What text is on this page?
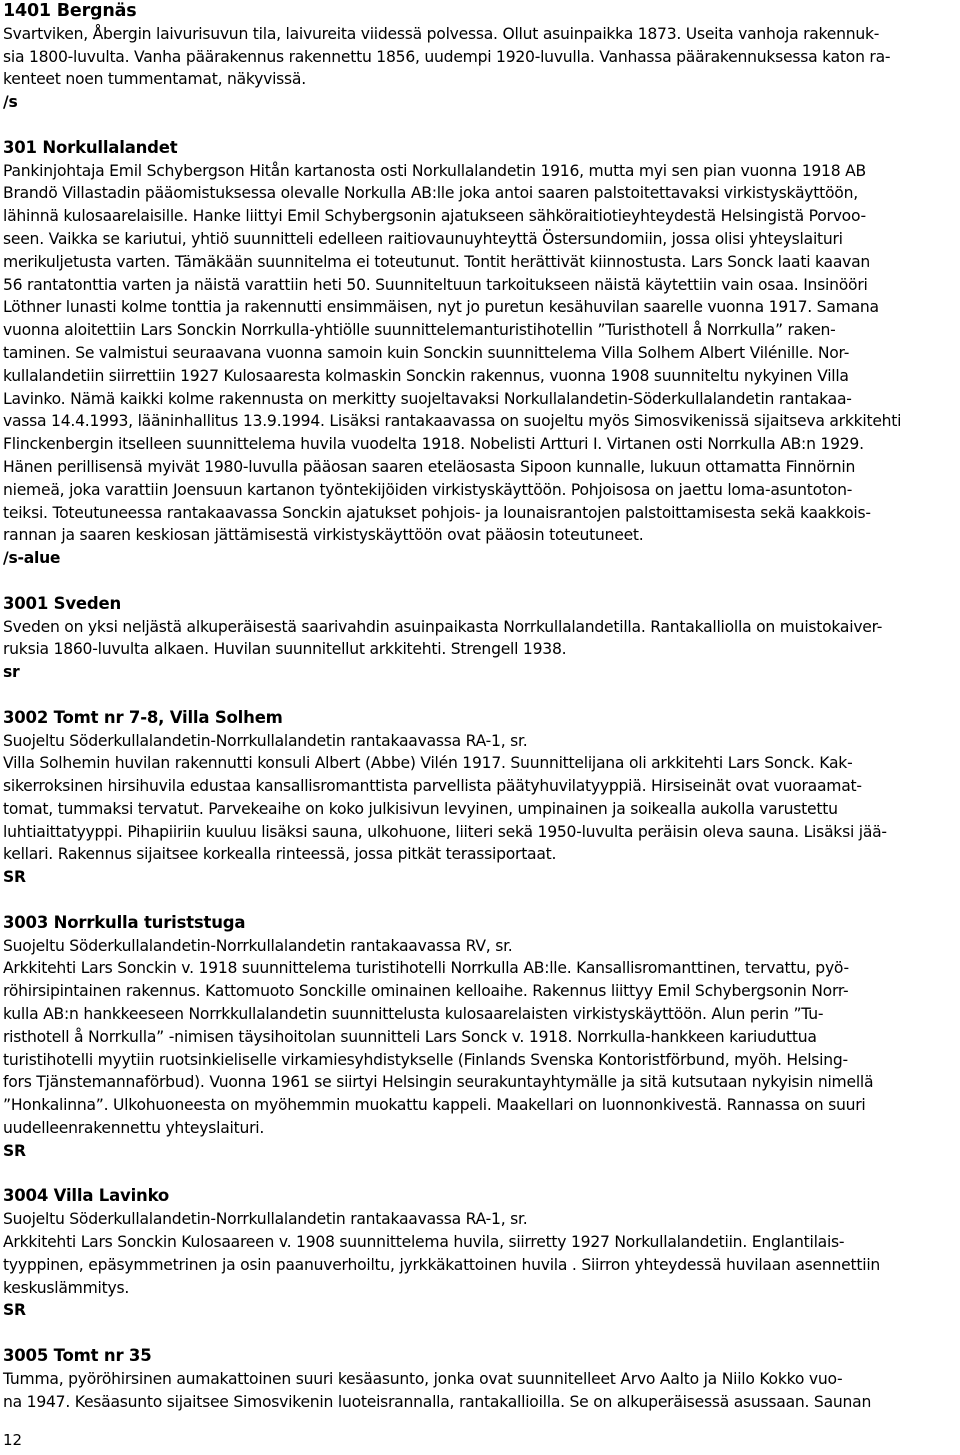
1401 Bergnäs
Svartviken, Åbergin laivurisuvun tila, laivureita viidessä polvessa. Ollut asuinpaikka 1873. Useita vanhoja rakennuk-
sia 1800-luvulta. Vanha päärakennus rakennettu 1856, uudempi 1920-luvulla. Vanhassa päärakennuksessa katon ra-
kenteet noen tummentamat, näkyvissä.
/s
301 Norkullalandet
Pankinjohtaja Emil Schybergson Hitån kartanosta osti Norkullalandetin 1916, mutta myi sen pian vuonna 1918 AB
Brandö Villastadin pääomistuksessa olevalle Norkulla AB:lle joka antoi saaren palstoitettavaksi virkistyskäyttöön,
lähinnä kulosaarelaisille. Hanke liittyi Emil Schybergsonin ajatukseen sähköraitiotieyhteydestä Helsingistä Porvoo-
seen. Vaikka se kariutui, yhtiö suunnitteli edelleen raitiovaunuyhteyttä Östersundomiin, jossa olisi yhteyslaituri
merikuljetusta varten. Tämäkään suunnitelma ei toteutunut. Tontit herättivät kiinnostusta. Lars Sonck laati kaavan
56 rantatonttia varten ja näistä varattiin heti 50. Suunniteltuun tarkoitukseen näistä käytettiin vain osaa. Insinööri
Löthner lunasti kolme tonttia ja rakennutti ensimmäisen, nyt jo puretun kesähuvilan saarelle vuonna 1917. Samana
vuonna aloitettiin Lars Sonckin Norrkulla-yhtiölle suunnittelemanturistihotellin ”Turisthotell å Norrkulla” raken-
taminen. Se valmistui seuraavana vuonna samoin kuin Sonckin suunnittelema Villa Solhem Albert Vilénille. Nor-
kullalandetiin siirrettiin 1927 Kulosaaresta kolmaskin Sonckin rakennus, vuonna 1908 suunniteltu nykyinen Villa
Lavinko. Nämä kaikki kolme rakennusta on merkitty suojeltavaksi Norkullalandetin-Söderkullalandetin rantakaa-
vassa 14.4.1993, lääninhallitus 13.9.1994. Lisäksi rantakaavassa on suojeltu myös Simosvikenissä sijaitseva arkkitehti
Flinckenbergin itselleen suunnittelema huvila vuodelta 1918. Nobelisti Artturi I. Virtanen osti Norrkulla AB:n 1929.
Hänen perillisensä myivät 1980-luvulla pääosan saaren eteläosasta Sipoon kunnalle, lukuun ottamatta Finnörnin
niemeä, joka varattiin Joensuun kartanon työntekijöiden virkistyskäyttöön. Pohjoisosa on jaettu loma-asuntoton-
teiksi. Toteutuneessa rantakaavassa Sonckin ajatukset pohjois- ja lounaisrantojen palstoittamisesta sekä kaakkois-
rannan ja saaren keskiosan jättämisestä virkistyskäyttöön ovat pääosin toteutuneet.
/s-alue
3001 Sveden
Sveden on yksi neljästä alkuperäisestä saarivahdin asuinpaikasta Norrkullalandetilla. Rantakalliolla on muistokaiver-
ruksia 1860-luvulta alkaen. Huvilan suunnitellut arkkitehti. Strengell 1938.
sr
3002 Tomt nr 7-8, Villa Solhem
Suojeltu Söderkullalandetin-Norrkullalandetin rantakaavassa RA-1, sr.
Villa Solhemin huvilan rakennutti konsuli Albert (Abbe) Vilén 1917. Suunnittelijana oli arkkitehti Lars Sonck. Kak-
sikerroksinen hirsihuvila edustaa kansallisromanttista parvellista päätyhuvilatyyppiä. Hirsiseinät ovat vuoraamat-
tomat, tummaksi tervatut. Parvekeaihe on koko julkisivun levyinen, umpinainen ja soikealla aukolla varustettu
luhtiaittatyyppi. Pihapiiriin kuuluu lisäksi sauna, ulkohuone, liiteri sekä 1950-luvulta peräisin oleva sauna. Lisäksi jää-
kellari. Rakennus sijaitsee korkealla rinteessä, jossa pitkät terassiportaat.
SR
3003 Norrkulla turiststuga
Suojeltu Söderkullalandetin-Norrkullalandetin rantakaavassa RV, sr.
Arkkitehti Lars Sonckin v. 1918 suunnittelema turistihotelli Norrkulla AB:lle. Kansallisromanttinen, tervattu, pyö-
röhirsipintainen rakennus. Kattomuoto Sonckille ominainen kelloaihe. Rakennus liittyy Emil Schybergsonin Norr-
kulla AB:n hankkeeseen Norrkkullalandetin suunnittelusta kulosaarelaisten virkistyskäyttöön. Alun perin ”Tu-
risthotell å Norrkulla” -nimisen täysihoitolan suunnitteli Lars Sonck v. 1918. Norrkulla-hankkeen kariuduttua
turistihotelli myytiin ruotsinkieliselle virkamiesyhdistykselle (Finlands Svenska Kontoristförbund, myöh. Helsing-
fors Tjänstemannaförbud). Vuonna 1961 se siirtyi Helsingin seurakuntayhtymälle ja sitä kutsutaan nykyisin nimellä
”Honkalinna”. Ulkohuoneesta on myöhemmin muokattu kappeli. Maakellari on luonnonkivestä. Rannassa on suuri
uudelleenrakennettu yhteyslaituri.
SR
3004 Villa Lavinko
Suojeltu Söderkullalandetin-Norrkullalandetin rantakaavassa RA-1, sr.
Arkkitehti Lars Sonckin Kulosaareen v. 1908 suunnittelema huvila, siirretty 1927 Norkullalandetiin. Englantilais-
tyyppinen, epäsymmetrinen ja osin paanuverhoiltu, jyrkkäkattoinen huvila . Siirron yhteydessä huvilaan asennettiin
keskuslämmitys.
SR
3005 Tomt nr 35
Tumma, pyöröhirsinen aumakattoinen suuri kesäasunto, jonka ovat suunnitelleet Arvo Aalto ja Niilo Kokko vuo-
na 1947. Kesäasunto sijaitsee Simosvikenin luoteisrannalla, rantakallioilla. Se on alkuperäisessä asussaan. Saunan
12
